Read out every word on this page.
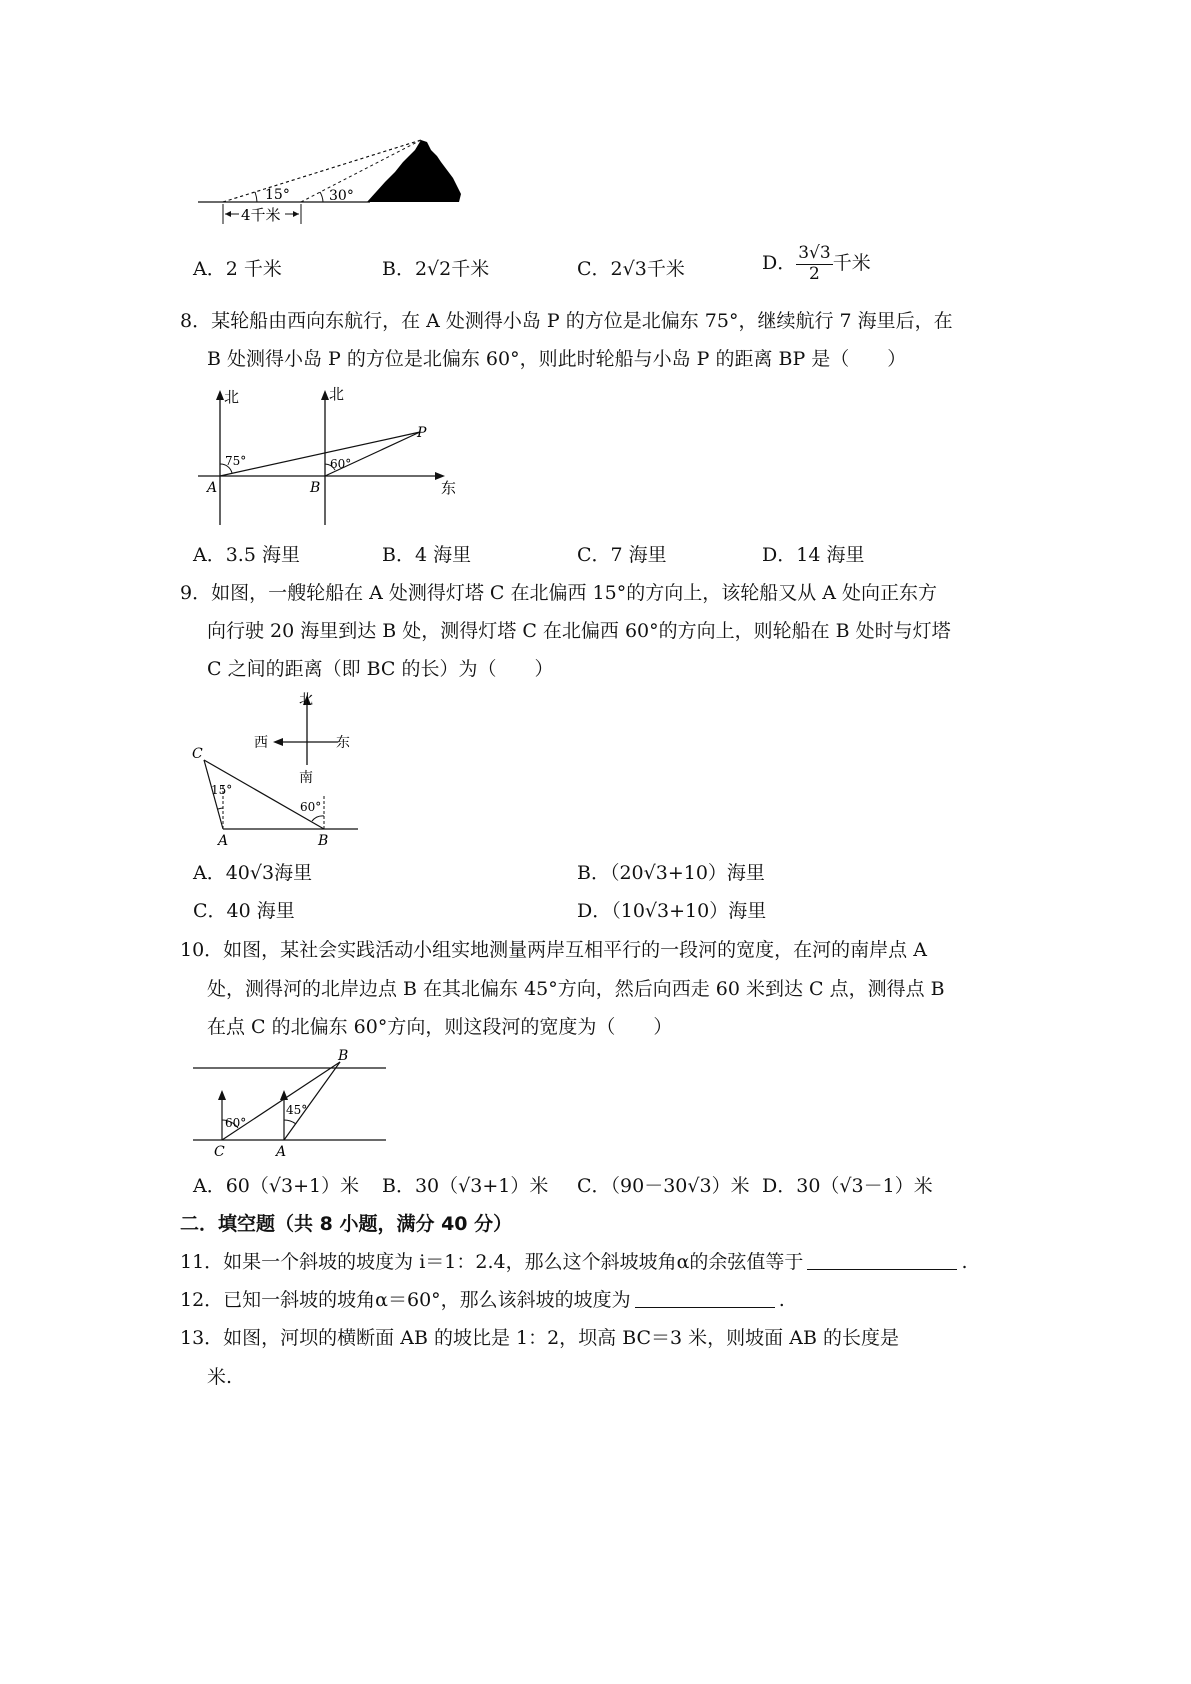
15°	30°
4千米
A．2 千米	B．2√2千米	C．2√3千米	D． $\frac{3√3}{2}$ 千米
8．某轮船由西向东航行，在 A 处测得小岛 P 的方位是北偏东 75°，继续航行 7 海里后，在
B 处测得小岛 P 的方位是北偏东 60°，则此时轮船与小岛 P 的距离 BP 是（　　）
北	北
东
A	B
P
75°	60°
A．3.5 海里	B．4 海里	C．7 海里	D．14 海里
9．如图，一艘轮船在 A 处测得灯塔 C 在北偏西 15°的方向上，该轮船又从 A 处向正东方
向行驶 20 海里到达 B 处，测得灯塔 C 在北偏西 60°的方向上，则轮船在 B 处时与灯塔
C 之间的距离（即 BC 的长）为（　　）
北
西	东
南
C
A	B
15°
60°
A．40√3海里	B．（20√3+10）海里
C．40 海里	D．（10√3+10）海里
10．如图，某社会实践活动小组实地测量两岸互相平行的一段河的宽度，在河的南岸点 A
处，测得河的北岸边点 B 在其北偏东 45°方向，然后向西走 60 米到达 C 点，测得点 B
在点 C 的北偏东 60°方向，则这段河的宽度为（　　）
B
C	A
60°
45°
A．60（√3+1）米 B．30（√3+1）米 C．（90－30√3）米 D．30（√3－1）米
二．填空题（共 8 小题，满分 40 分）
11．如果一个斜坡的坡度为 i＝1：2.4，那么这个斜坡坡角α的余弦值等于	.
12．已知一斜坡的坡角α＝60°，那么该斜坡的坡度为	.
13．如图，河坝的横断面 AB 的坡比是 1：2，坝高 BC＝3 米，则坡面 AB 的长度是
米.
